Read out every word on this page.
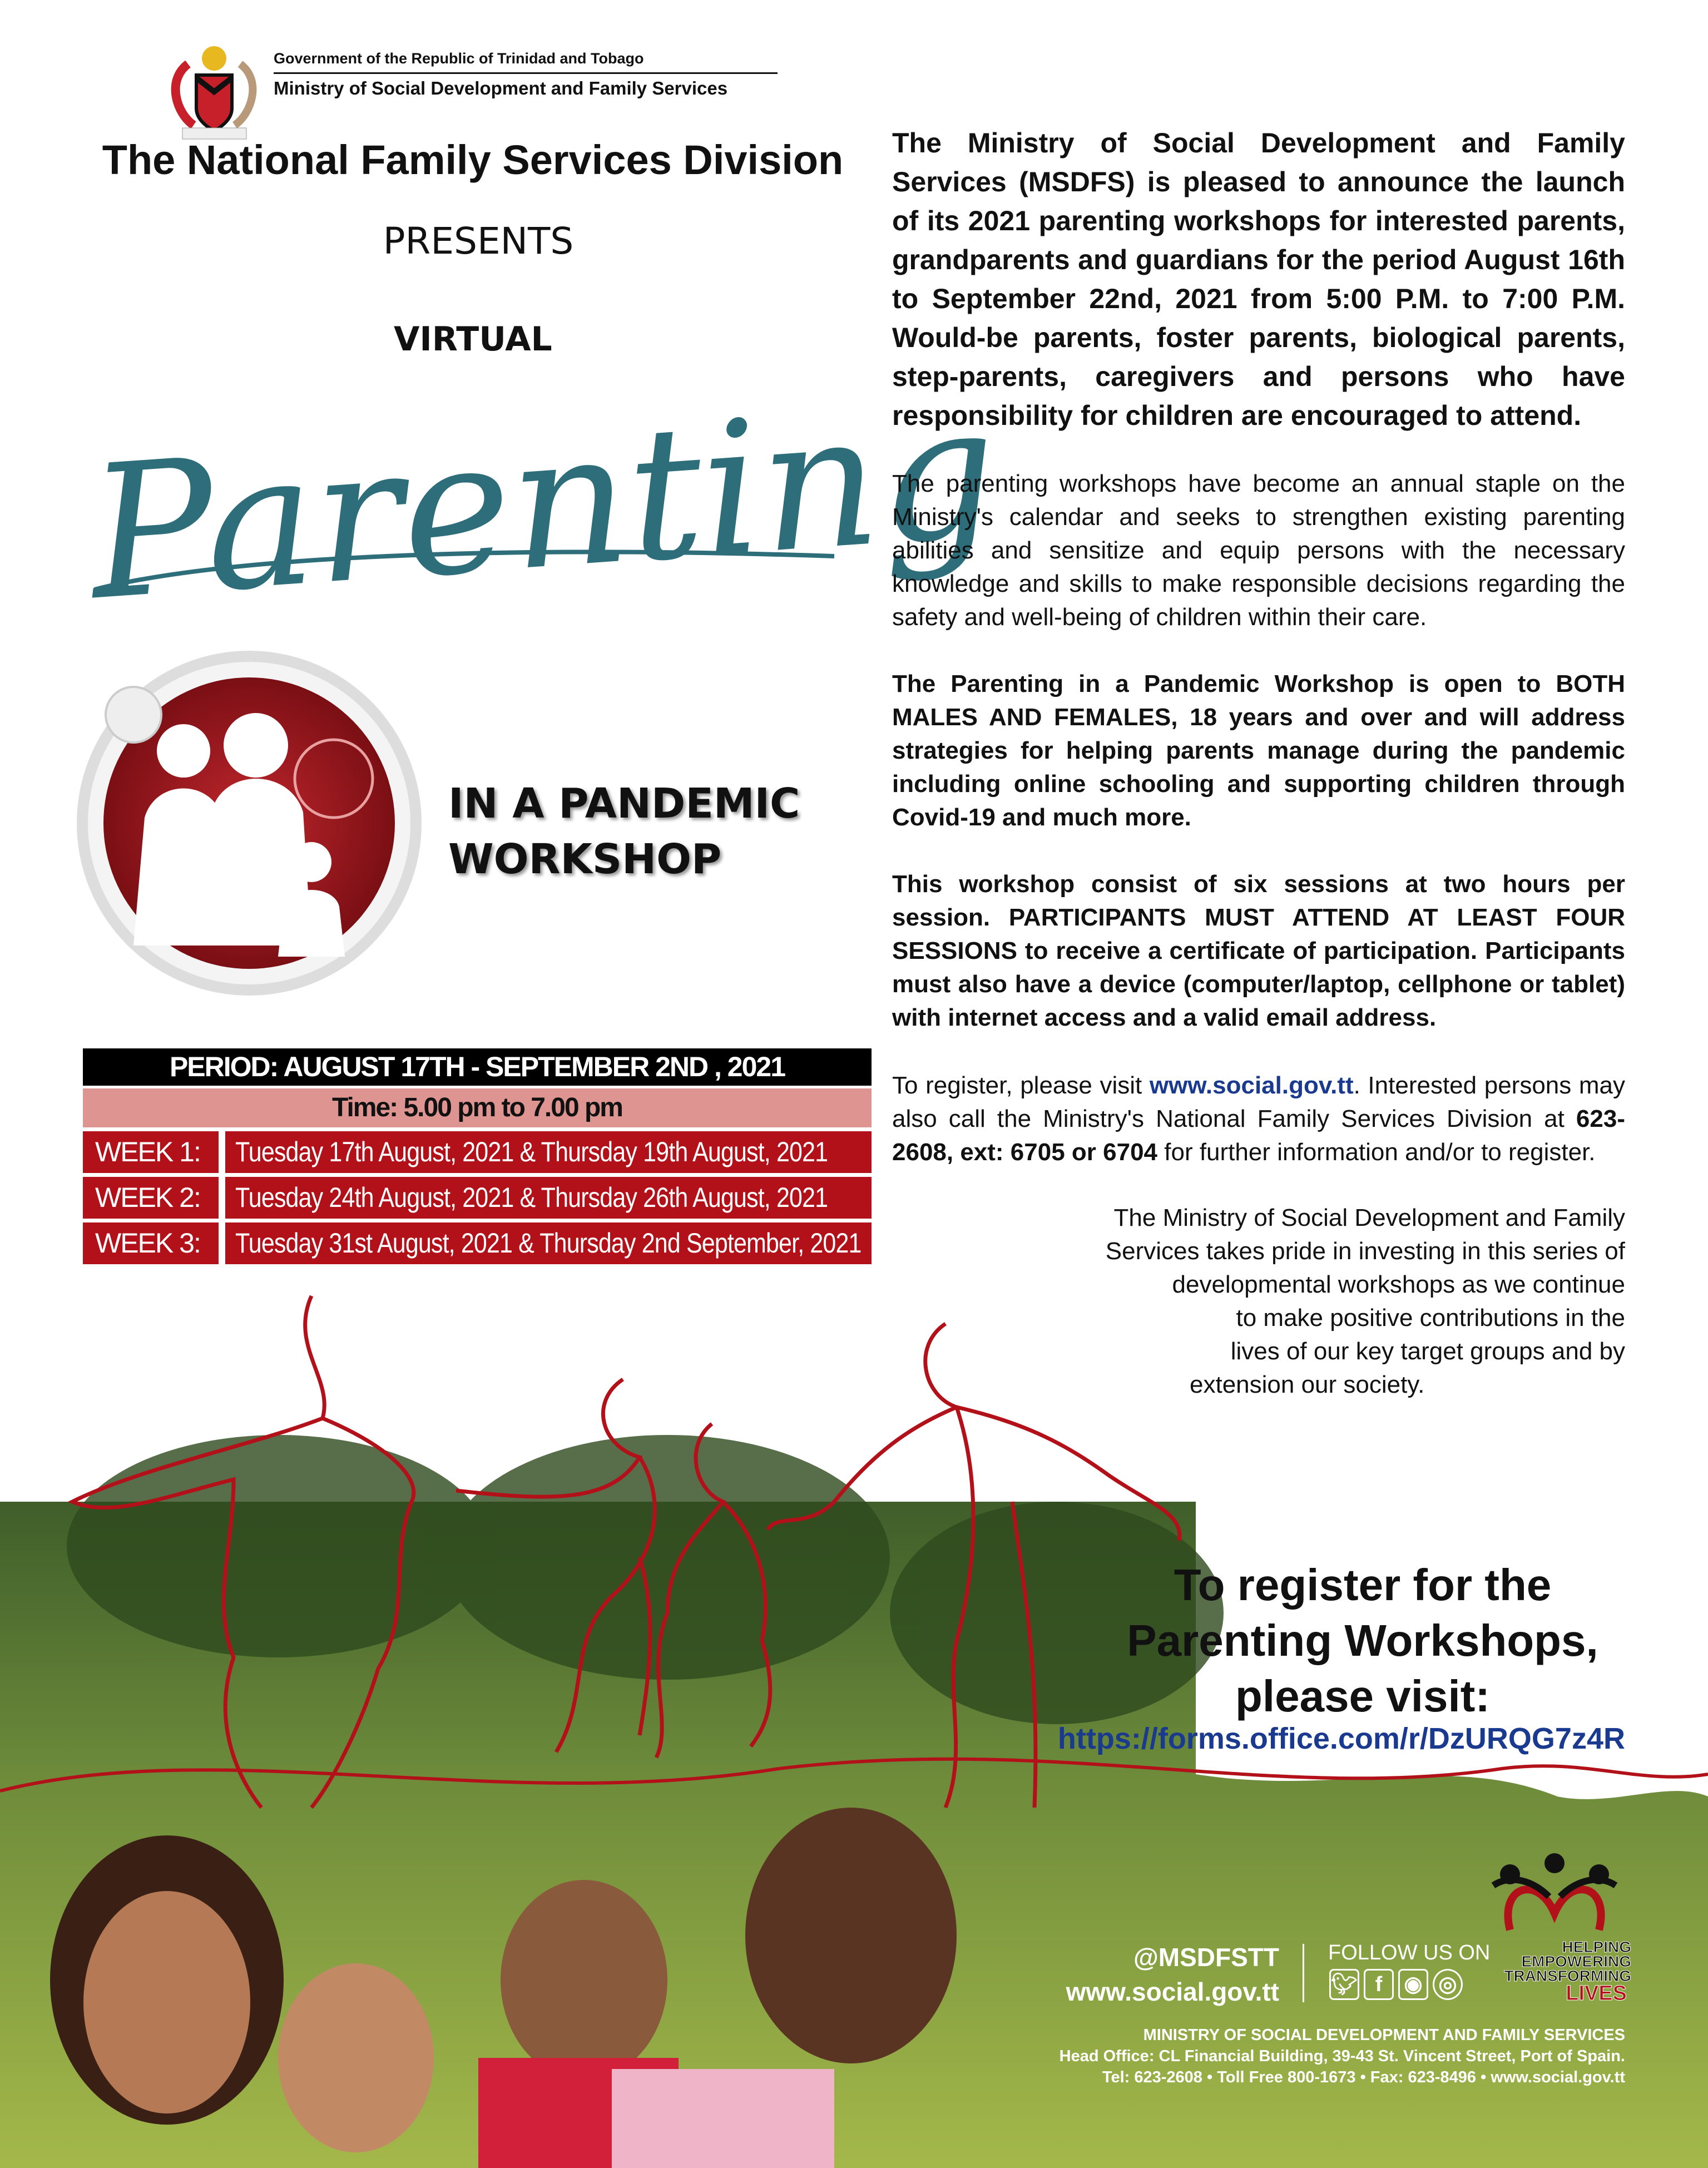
Parenting
Government of the Republic of Trinidad and Tobago
Ministry of Social Development and Family Services
The National Family Services Division
PRESENTS
VIRTUAL
IN A PANDEMIC
WORKSHOP
PERIOD: AUGUST 17TH - SEPTEMBER 2ND , 2021
Time: 5.00 pm to 7.00 pm
WEEK 1:	Tuesday 17th August, 2021 & Thursday 19th August, 2021
WEEK 2:	Tuesday 24th August, 2021 & Thursday 26th August, 2021
WEEK 3:	Tuesday 31st August, 2021 & Thursday 2nd September, 2021
The Ministry of Social Development and Family Services (MSDFS) is pleased to announce the launch of its 2021 parenting workshops for interested parents, grandparents and guardians for the period August 16th to September 22nd, 2021 from 5:00 P.M. to 7:00 P.M. Would-be parents, foster parents, biological parents, step-parents, caregivers and persons who have responsibility for children are encouraged to attend.
The parenting workshops have become an annual staple on the Ministry's calendar and seeks to strengthen existing parenting abilities and sensitize and equip persons with the necessary knowledge and skills to make responsible decisions regarding the safety and well-being of children within their care.
The Parenting in a Pandemic Workshop is open to BOTH MALES AND FEMALES, 18 years and over and will address strategies for helping parents manage during the pandemic including online schooling and supporting children through Covid-19 and much more.
This workshop consist of six sessions at two hours per session. PARTICIPANTS MUST ATTEND AT LEAST FOUR SESSIONS to receive a certificate of participation. Participants must also have a device (computer/laptop, cellphone or tablet) with internet access and a valid email address.
To register, please visit www.social.gov.tt. Interested persons may also call the Ministry's National Family Services Division at 623-2608, ext: 6705 or 6704 for further information and/or to register.
The Ministry of Social Development and Family
Services takes pride in investing in this series of
developmental workshops as we continue
to make positive contributions in the
lives of our key target groups and by
extension our society.
To register for the
Parenting Workshops,
please visit:
https://forms.office.com/r/DzURQG7z4R
@MSDFSTT
www.social.gov.tt
FOLLOW US ON
🐦︎ f	◉ ◎
HELPING
EMPOWERING
TRANSFORMING
LIVES
MINISTRY OF SOCIAL DEVELOPMENT AND FAMILY SERVICES
Head Office: CL Financial Building, 39-43 St. Vincent Street, Port of Spain.
Tel: 623-2608 • Toll Free 800-1673 • Fax: 623-8496 • www.social.gov.tt
